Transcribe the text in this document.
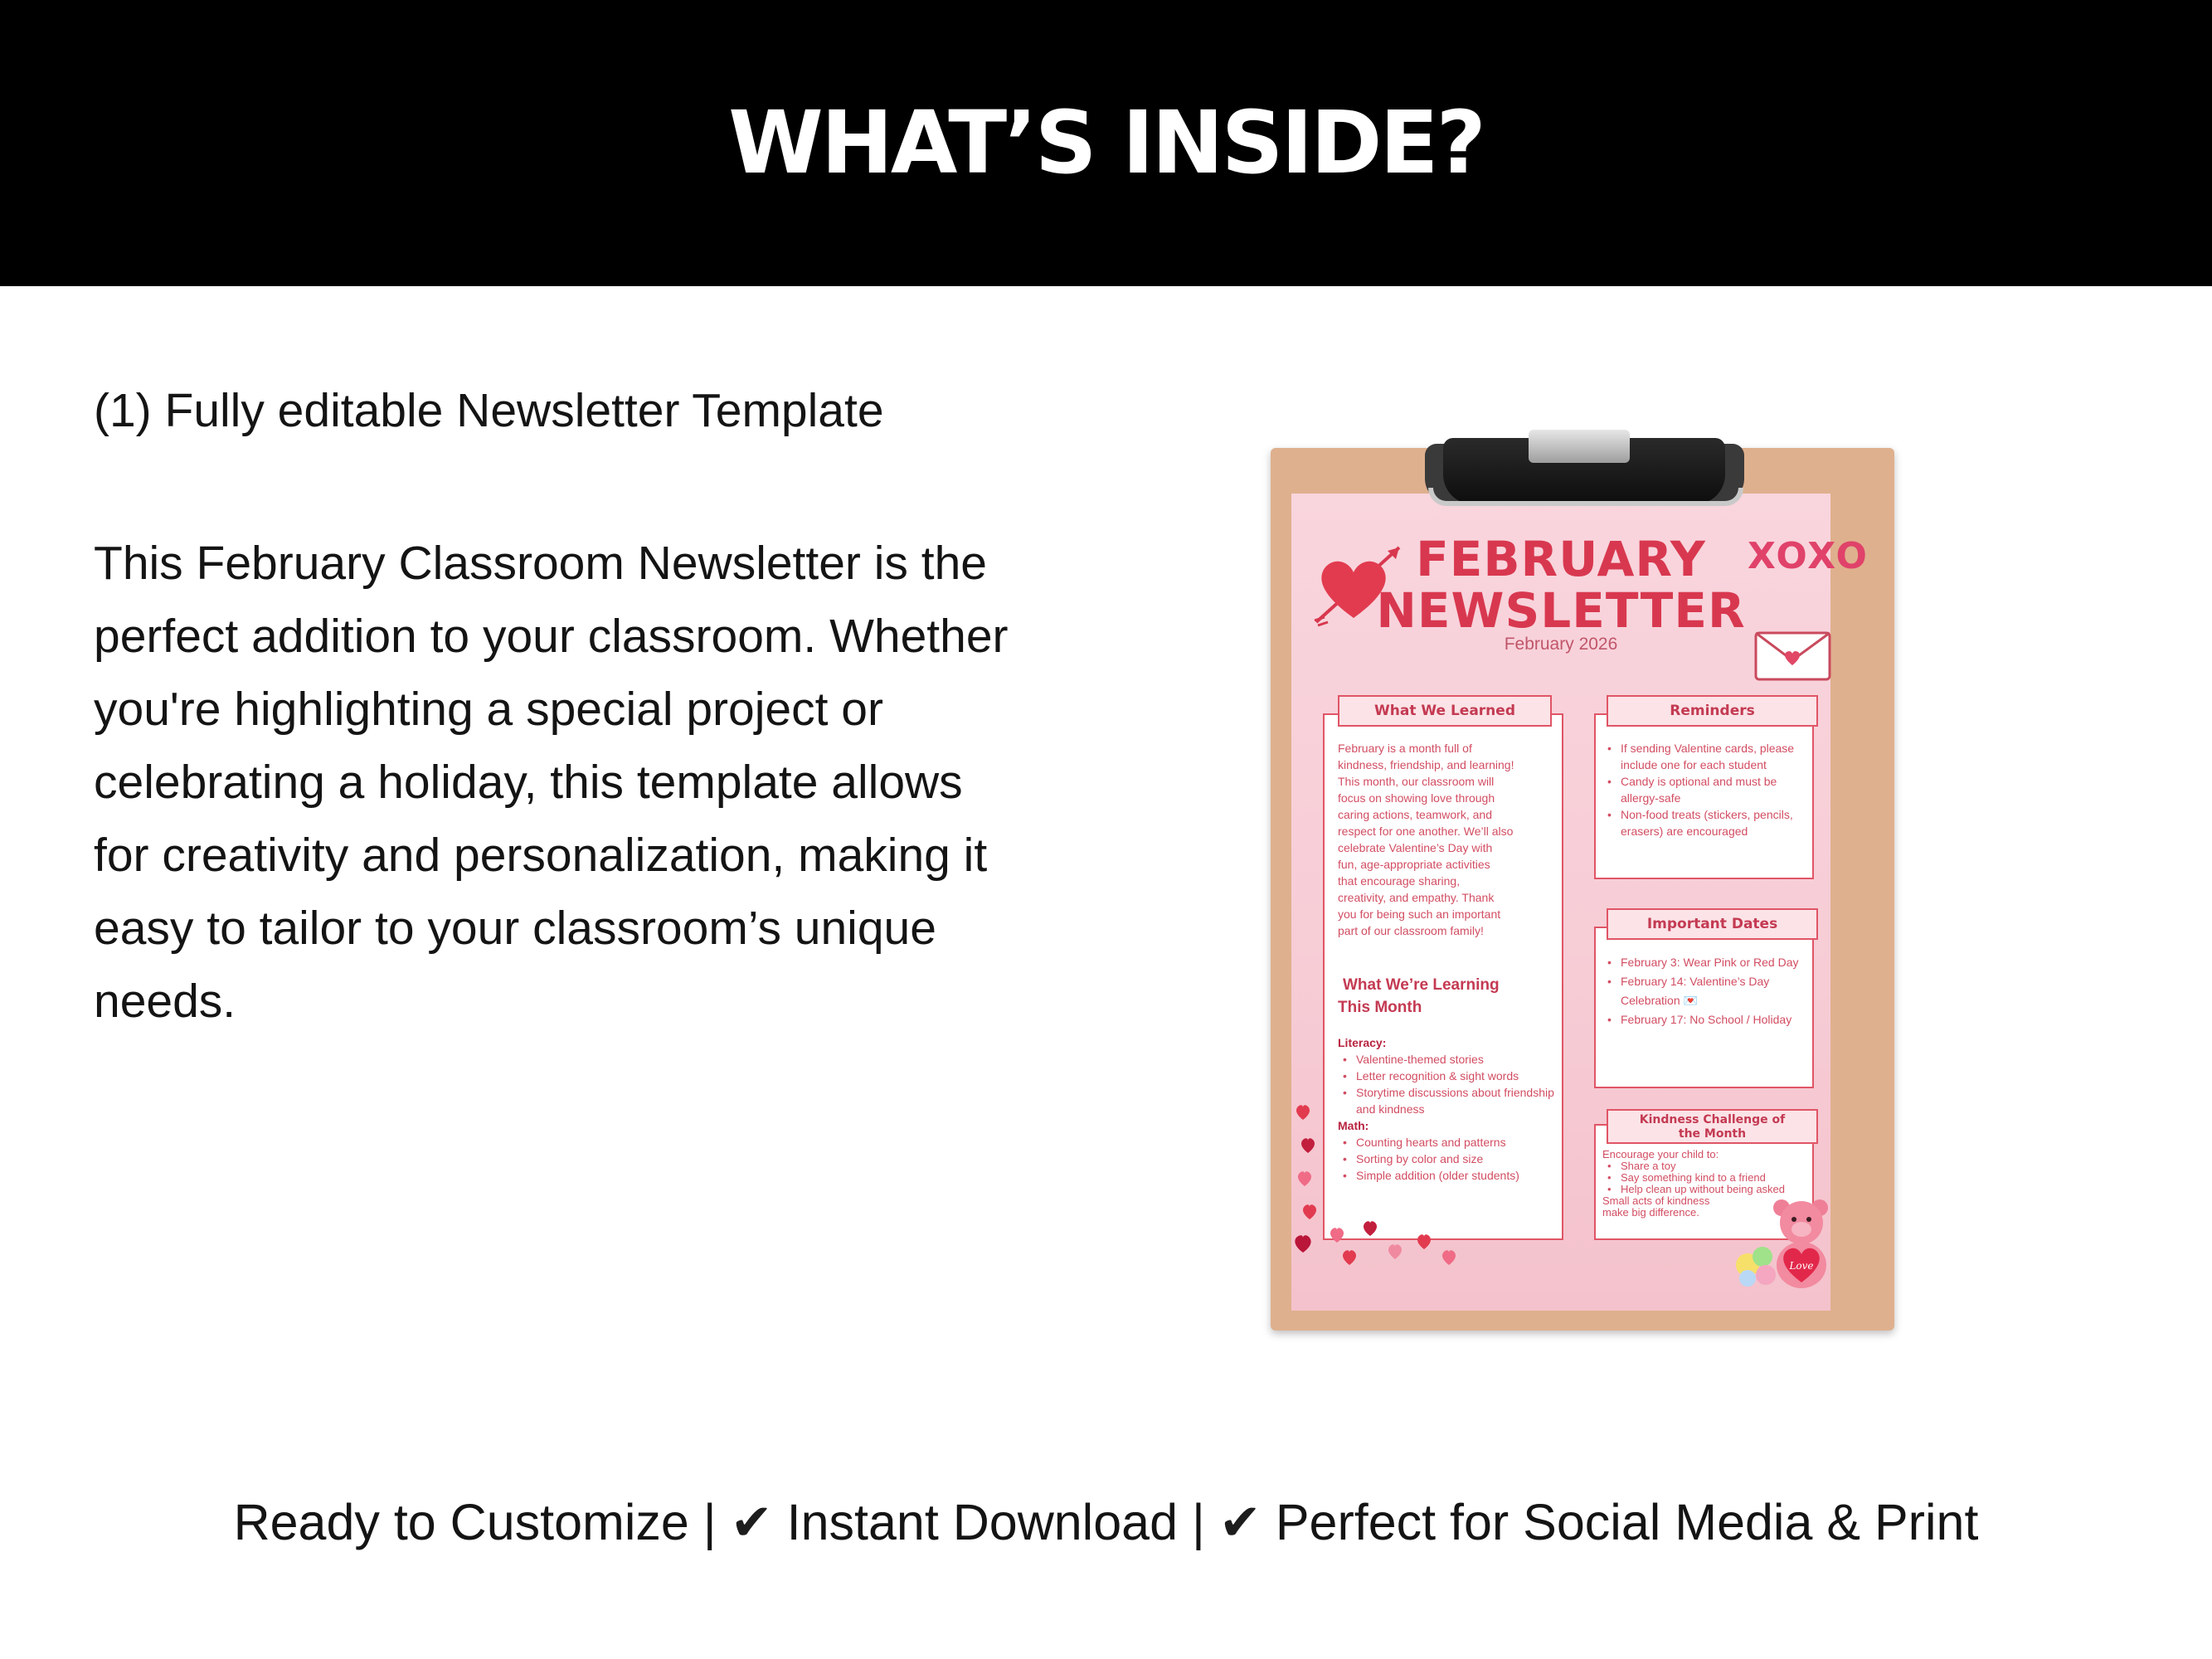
WHAT’S INSIDE?
(1) Fully editable Newsletter Template
This February Classroom Newsletter is the
perfect addition to your classroom. Whether
you're highlighting a special project or
celebrating a holiday, this template allows
for creativity and personalization, making it
easy to tailor to your classroom’s unique
needs.
FEBRUARY
NEWSLETTER
February 2026
XOXO
February is a month full of
kindness, friendship, and learning!
This month, our classroom will
focus on showing love through
caring actions, teamwork, and
respect for one another. We’ll also
celebrate Valentine’s Day with
fun, age-appropriate activities
that encourage sharing,
creativity, and empathy. Thank
you for being such an important
part of our classroom family!
What We’re Learning
This Month
Literacy:
• Valentine-themed stories
• Letter recognition & sight words
• Storytime discussions about friendship and kindness
Math:
• Counting hearts and patterns
• Sorting by color and size
• Simple addition (older students)
What We Learned
• If sending Valentine cards, please include one for each student
• Candy is optional and must be allergy-safe
• Non-food treats (stickers, pencils, erasers) are encouraged
Reminders
• February 3: Wear Pink or Red Day
• February 14: Valentine’s Day Celebration 💌
• February 17: No School / Holiday
Important Dates
Encourage your child to:
• Share a toy
• Say something kind to a friend
• Help clean up without being asked
Small acts of kindness make big difference.
Kindness Challenge of
the Month
Love
Ready to Customize | ✔ Instant Download | ✔ Perfect for Social Media & Print
